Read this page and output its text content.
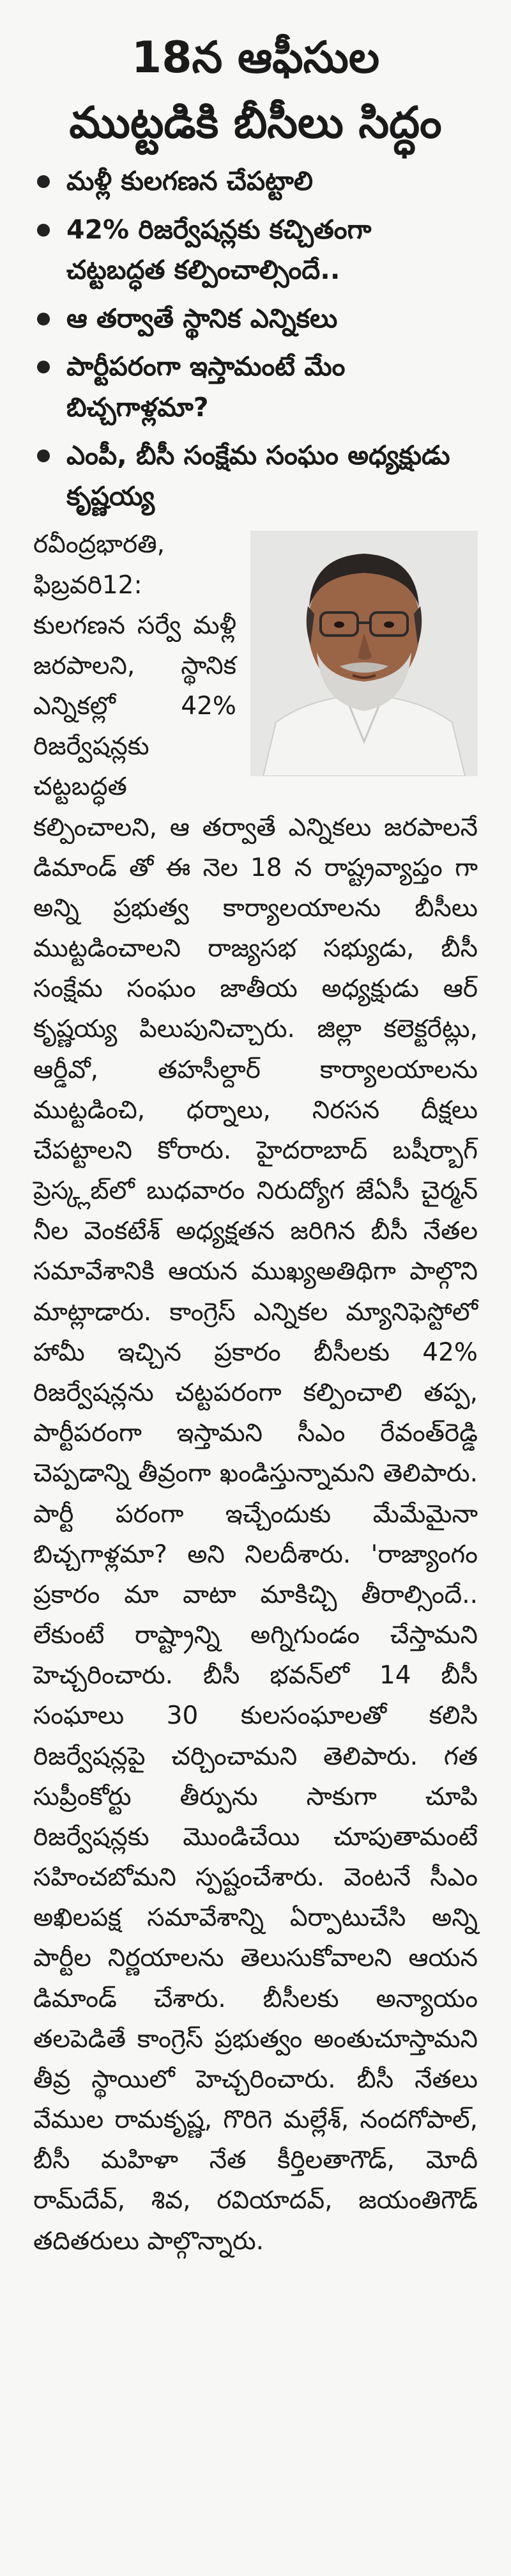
18న ఆఫీసుల
ముట్టడికి బీసీలు సిద్ధం
మళ్లీ కులగణన చేపట్టాలి
42% రిజర్వేషన్లకు కచ్చితంగా చట్టబద్ధత కల్పించాల్సిందే..
ఆ తర్వాతే స్థానిక ఎన్నికలు
పార్టీపరంగా ఇస్తామంటే మేం బిచ్చగాళ్లమా?
ఎంపీ, బీసీ సంక్షేమ సంఘం అధ్యక్షుడు కృష్ణయ్య

రవీంద్రభారతి, ఫిబ్రవరి12: కులగణన సర్వే మళ్లీ జరపాలని, స్థానిక ఎన్నికల్లో 42% రిజర్వేషన్లకు చట్టబద్ధత కల్పించాలని, ఆ తర్వాతే ఎన్నికలు జరపాలనే డిమాండ్ తో ఈ నెల 18 న రాష్ట్రవ్యాప్తం గా అన్ని ప్రభుత్వ కార్యాలయాలను బీసీలు ముట్టడించాలని రాజ్యసభ సభ్యుడు, బీసీ సంక్షేమ సంఘం జాతీయ అధ్యక్షుడు ఆర్ కృష్ణయ్య పిలుపునిచ్చారు. జిల్లా కలెక్టరేట్లు, ఆర్డీవో, తహసీల్దార్ కార్యాలయాలను ముట్టడించి, ధర్నాలు, నిరసన దీక్షలు చేపట్టాలని కోరారు. హైదరాబాద్ బషీర్బాగ్ ప్రెస్క్లబ్‌లో బుధవారం నిరుద్యోగ జేఏసీ చైర్మన్ నీల వెంకటేశ్ అధ్యక్షతన జరిగిన బీసీ నేతల సమావేశానికి ఆయన ముఖ్యఅతిథిగా పాల్గొని మాట్లాడారు. కాంగ్రెస్ ఎన్నికల మ్యానిఫెస్టోలో హామీ ఇచ్చిన ప్రకారం బీసీలకు 42% రిజర్వేషన్లను చట్టపరంగా కల్పించాలి తప్ప, పార్టీపరంగా ఇస్తామని సీఎం రేవంత్‌రెడ్డి చెప్పడాన్ని తీవ్రంగా ఖండిస్తున్నామని తెలిపారు. పార్టీ పరంగా ఇచ్చేందుకు మేమేమైనా బిచ్చగాళ్లమా? అని నిలదీశారు. 'రాజ్యాంగం ప్రకారం మా వాటా మాకిచ్చి తీరాల్సిందే.. లేకుంటే రాష్ట్రాన్ని అగ్నిగుండం చేస్తామని హెచ్చరించారు. బీసీ భవన్‌లో 14 బీసీ సంఘాలు 30 కులసంఘాలతో కలిసి రిజర్వేషన్లపై చర్చించామని తెలిపారు. గత సుప్రీంకోర్టు తీర్పును సాకుగా చూపి రిజర్వేషన్లకు మొండిచేయి చూపుతామంటే సహించబోమని స్పష్టంచేశారు. వెంటనే సీఎం అఖిలపక్ష సమావేశాన్ని ఏర్పాటుచేసి అన్ని పార్టీల నిర్ణయాలను తెలుసుకోవాలని ఆయన డిమాండ్ చేశారు. బీసీలకు అన్యాయం తలపెడితే కాంగ్రెస్ ప్రభుత్వం అంతుచూస్తామని తీవ్ర స్థాయిలో హెచ్చరించారు. బీసీ నేతలు వేముల రామకృష్ణ, గొరిగె మల్లేశ్, నందగోపాల్, బీసీ మహిళా నేత కీర్తిలతాగౌడ్, మోదీ రామ్‌దేవ్, శివ, రవియాదవ్, జయంతిగౌడ్ తదితరులు పాల్గొన్నారు.
